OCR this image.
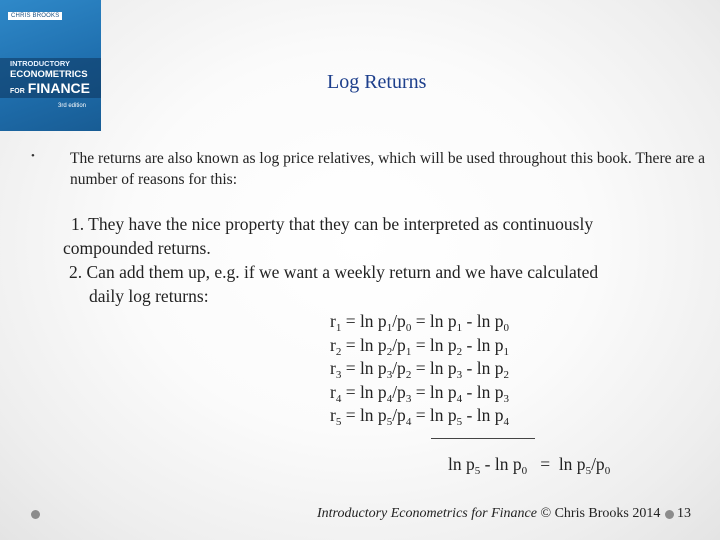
CHRIS BROOKS
INTRODUCTORY
ECONOMETRICS
FOR FINANCE
3rd edition
Log Returns
• The returns are also known as log price relatives, which will be used throughout this book. There are a number of reasons for this:
1. They have the nice property that they can be interpreted as continuously
compounded returns.
2. Can add them up, e.g. if we want a weekly return and we have calculated
daily log returns:
$r_1 = \ln p_1/p_0 = \ln p_1 - \ln p_0$
$r_2 = \ln p_2/p_1 = \ln p_2 - \ln p_1$
$r_3 = \ln p_3/p_2 = \ln p_3 - \ln p_2$
$r_4 = \ln p_4/p_3 = \ln p_4 - \ln p_3$
$r_5 = \ln p_5/p_4 = \ln p_5 - \ln p_4$
$\ln p_5 - \ln p_0 = \ln p_5/p_0$
Introductory Econometrics for Finance © Chris Brooks 2014 13
